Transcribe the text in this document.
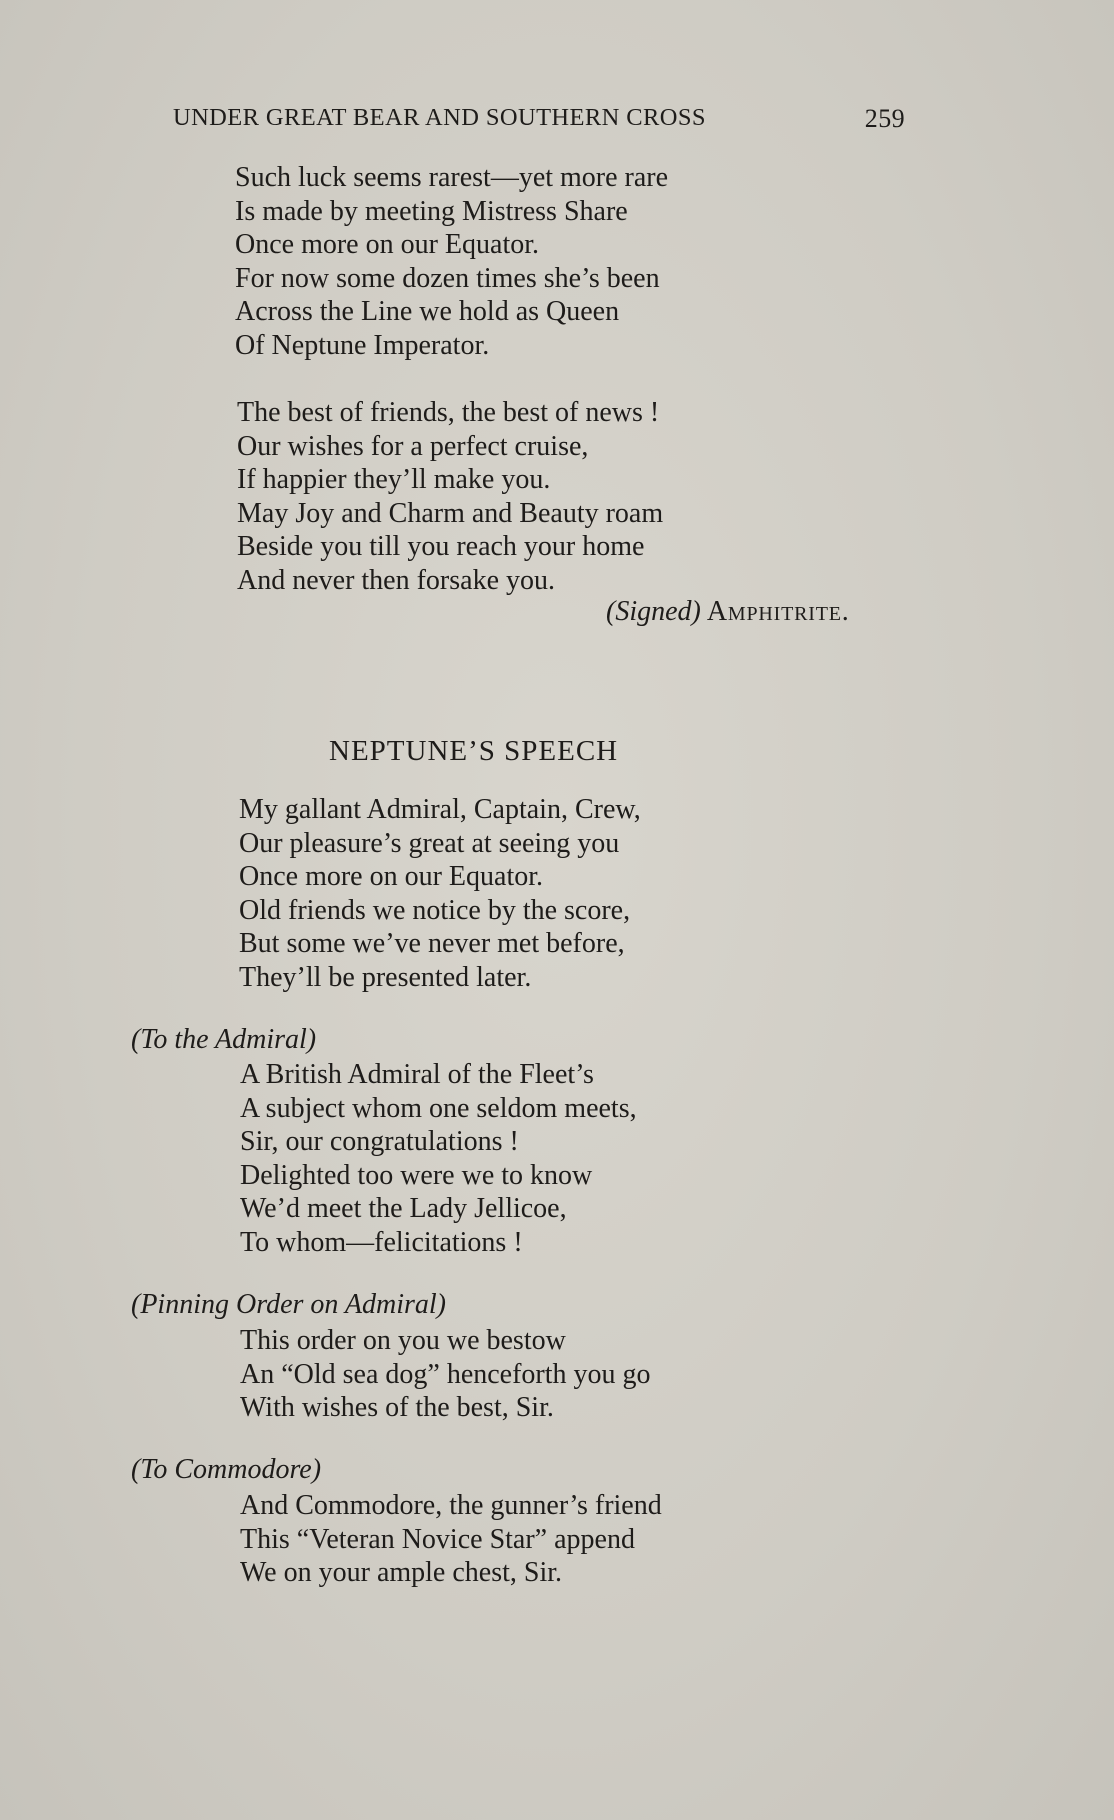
UNDER GREAT BEAR AND SOUTHERN CROSS	259
Such luck seems rarest—yet more rare
Is made by meeting Mistress Share
Once more on our Equator.
For now some dozen times she’s been
Across the Line we hold as Queen
Of Neptune Imperator.
The best of friends, the best of news !
Our wishes for a perfect cruise,
If happier they’ll make you.
May Joy and Charm and Beauty roam
Beside you till you reach your home
And never then forsake you.
(Signed) Amphitrite.
NEPTUNE’S SPEECH
My gallant Admiral, Captain, Crew,
Our pleasure’s great at seeing you
Once more on our Equator.
Old friends we notice by the score,
But some we’ve never met before,
They’ll be presented later.
(To the Admiral)
A British Admiral of the Fleet’s
A subject whom one seldom meets,
Sir, our congratulations !
Delighted too were we to know
We’d meet the Lady Jellicoe,
To whom—felicitations !
(Pinning Order on Admiral)
This order on you we bestow
An “Old sea dog” henceforth you go
With wishes of the best, Sir.
(To Commodore)
And Commodore, the gunner’s friend
This “Veteran Novice Star” append
We on your ample chest, Sir.
